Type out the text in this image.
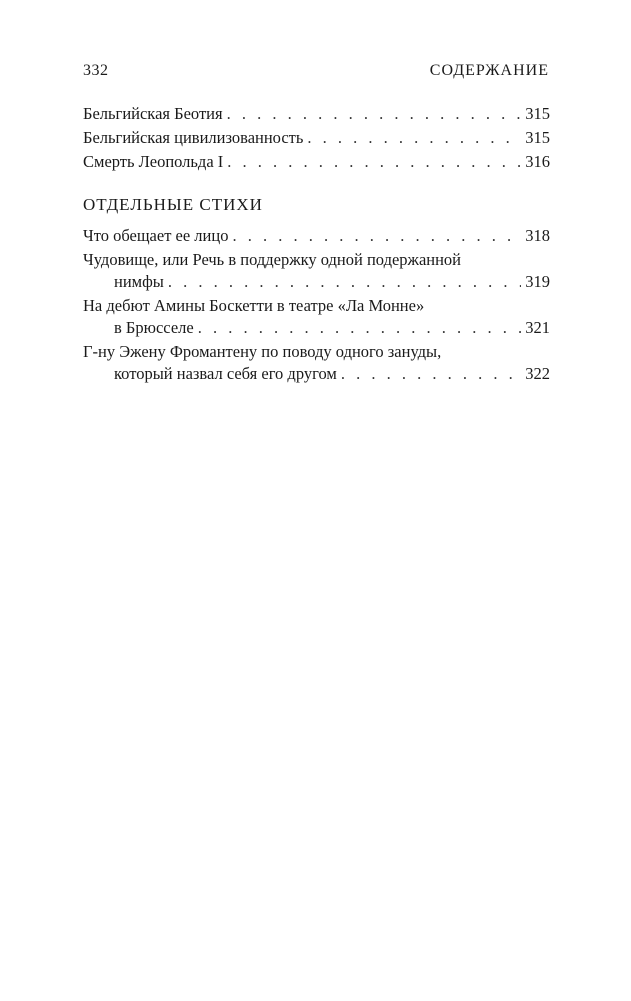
332	СОДЕРЖАНИЕ
Бельгийская Беотия . . .	315
Бельгийская цивилизованность . . .	315
Смерть Леопольда I . . .	316
ОТДЕЛЬНЫЕ СТИХИ
Что обещает ее лицо . . .	318
Чудовище, или Речь в поддержку одной подержанной
нимфы . . .	319
На дебют Амины Боскетти в театре «Ла Монне»
в Брюсселе . . .	321
Г-ну Эжену Фромантену по поводу одного зануды,
который назвал себя его другом . . .	322
